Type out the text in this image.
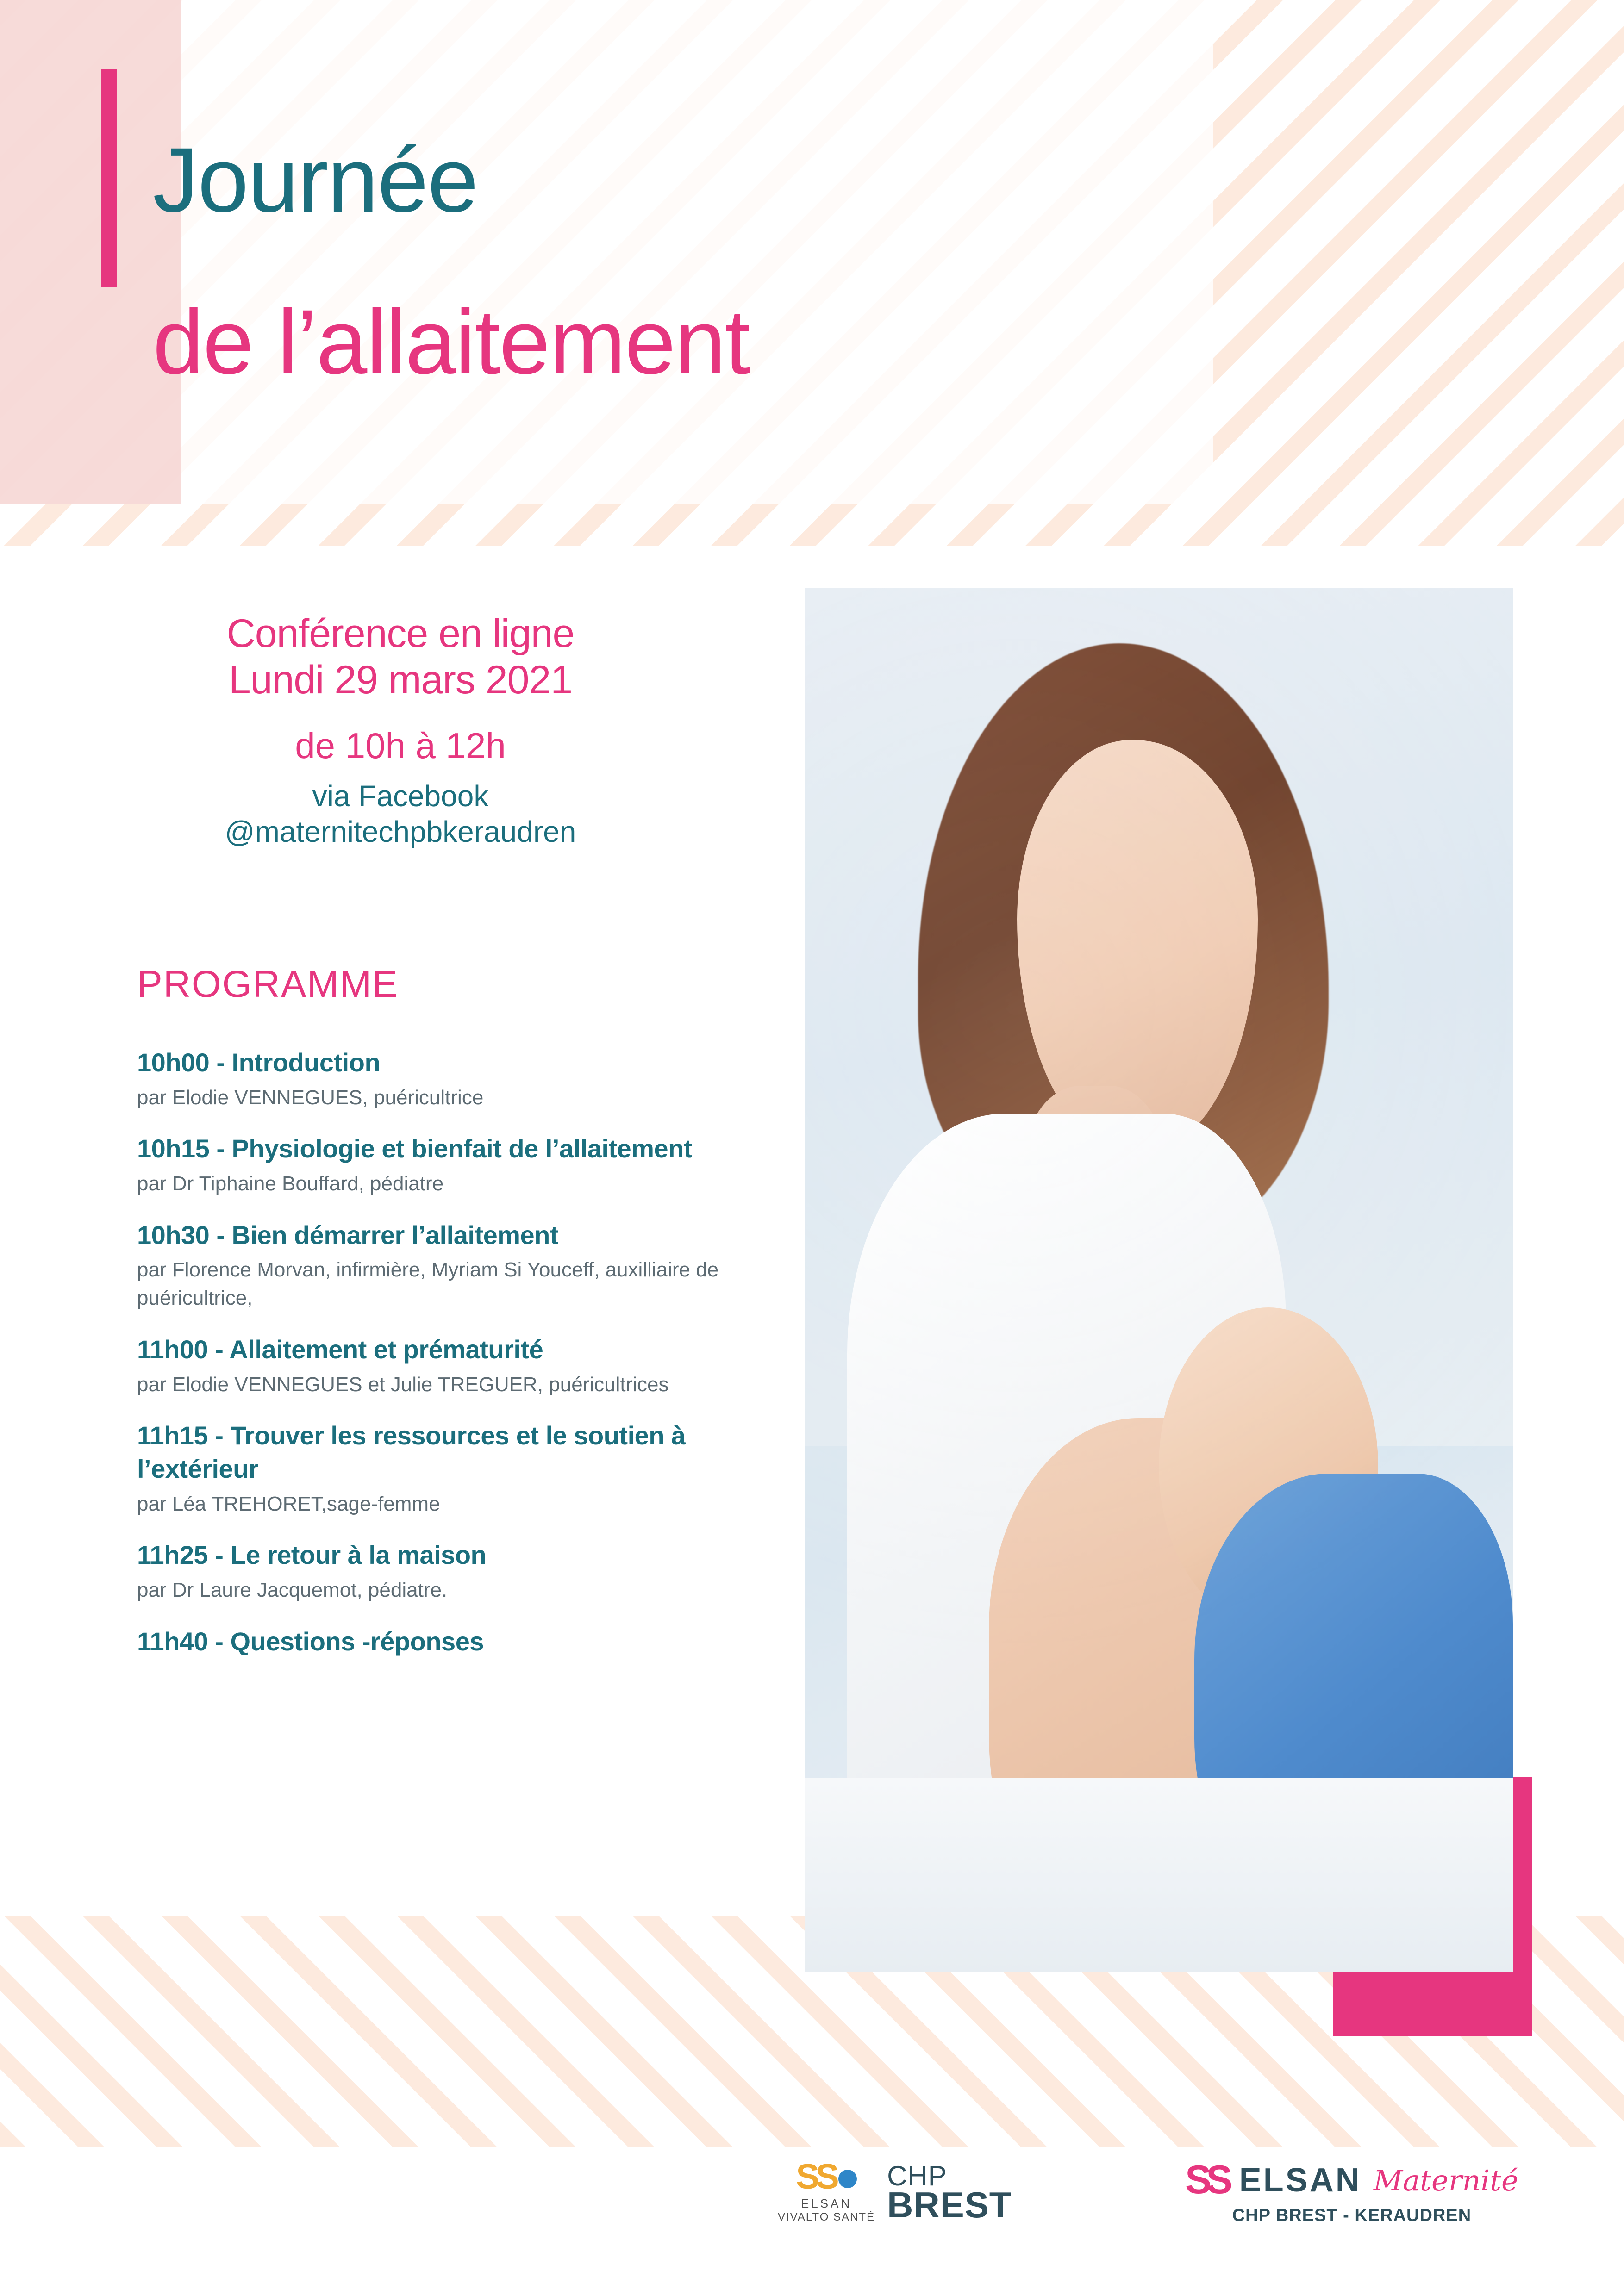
Journée
de l’allaitement
Conférence en ligne
Lundi 29 mars 2021
de 10h à 12h
via Facebook
@maternitechpbkeraudren
PROGRAMME
10h00 - Introduction
par Elodie VENNEGUES, puéricultrice
10h15 - Physiologie et bienfait de l’allaitement
par Dr Tiphaine Bouffard, pédiatre
10h30 - Bien démarrer l’allaitement
par Florence Morvan, infirmière, Myriam Si Youceff, auxilliaire de puéricultrice,
11h00 - Allaitement et prématurité
par Elodie VENNEGUES et Julie TREGUER, puéricultrices
11h15 - Trouver les ressources et le soutien à l’extérieur
par Léa TREHORET,sage-femme
11h25 - Le retour à la maison
par Dr Laure Jacquemot, pédiatre.
11h40 - Questions -réponses
SS
ELSAN
VIVALTO SANTÉ
CHP
BREST
SS ELSAN Maternité
CHP BREST - KERAUDREN
